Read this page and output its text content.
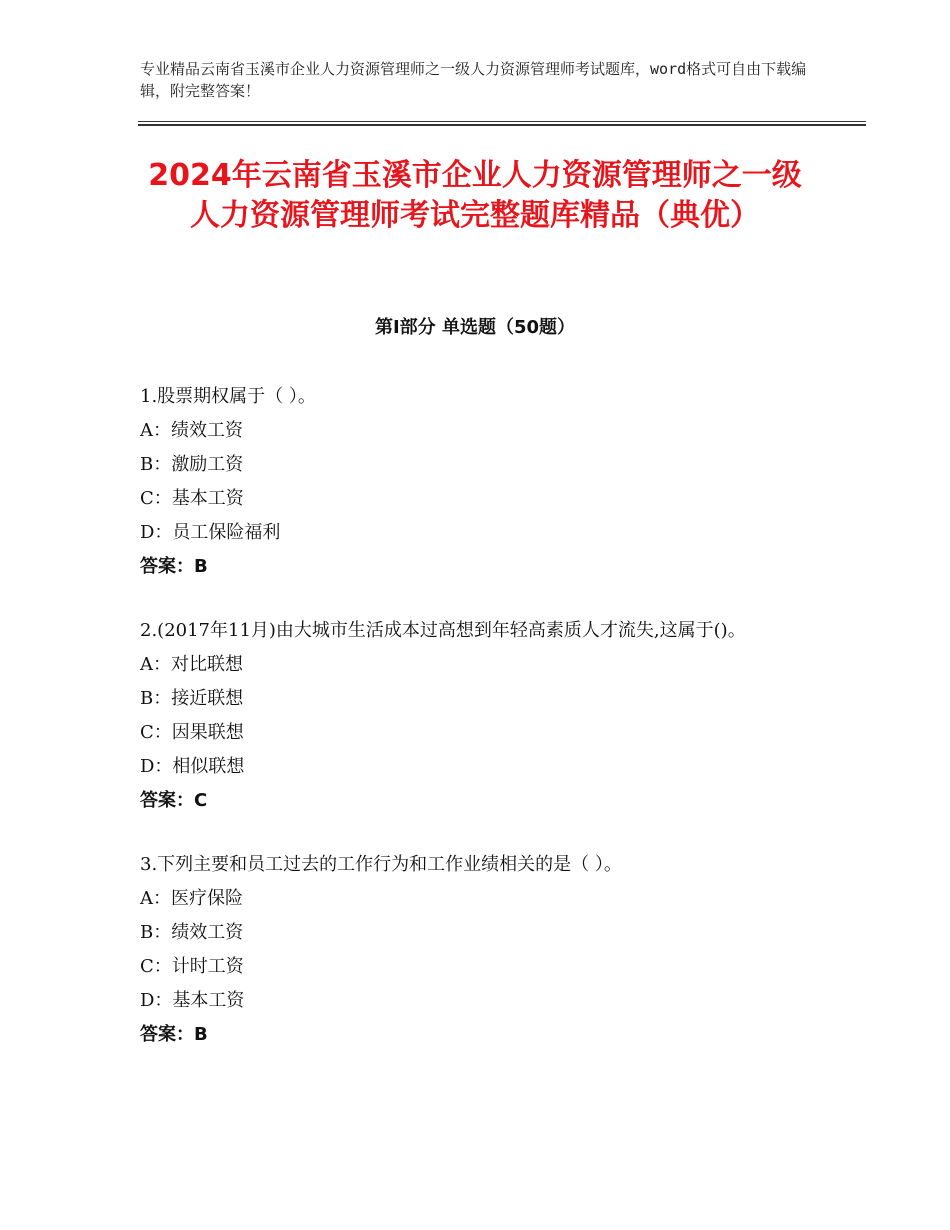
专业精品云南省玉溪市企业人力资源管理师之一级人力资源管理师考试题库，word格式可自由下载编辑，附完整答案！
2024年云南省玉溪市企业人力资源管理师之一级人力资源管理师考试完整题库精品（典优）
第Ⅰ部分 单选题（50题）
1.股票期权属于（ ）。
A：绩效工资
B：激励工资
C：基本工资
D：员工保险福利
答案：B
2.(2017年11月)由大城市生活成本过高想到年轻高素质人才流失,这属于()。
A：对比联想
B：接近联想
C：因果联想
D：相似联想
答案：C
3.下列主要和员工过去的工作行为和工作业绩相关的是（ ）。
A：医疗保险
B：绩效工资
C：计时工资
D：基本工资
答案：B
